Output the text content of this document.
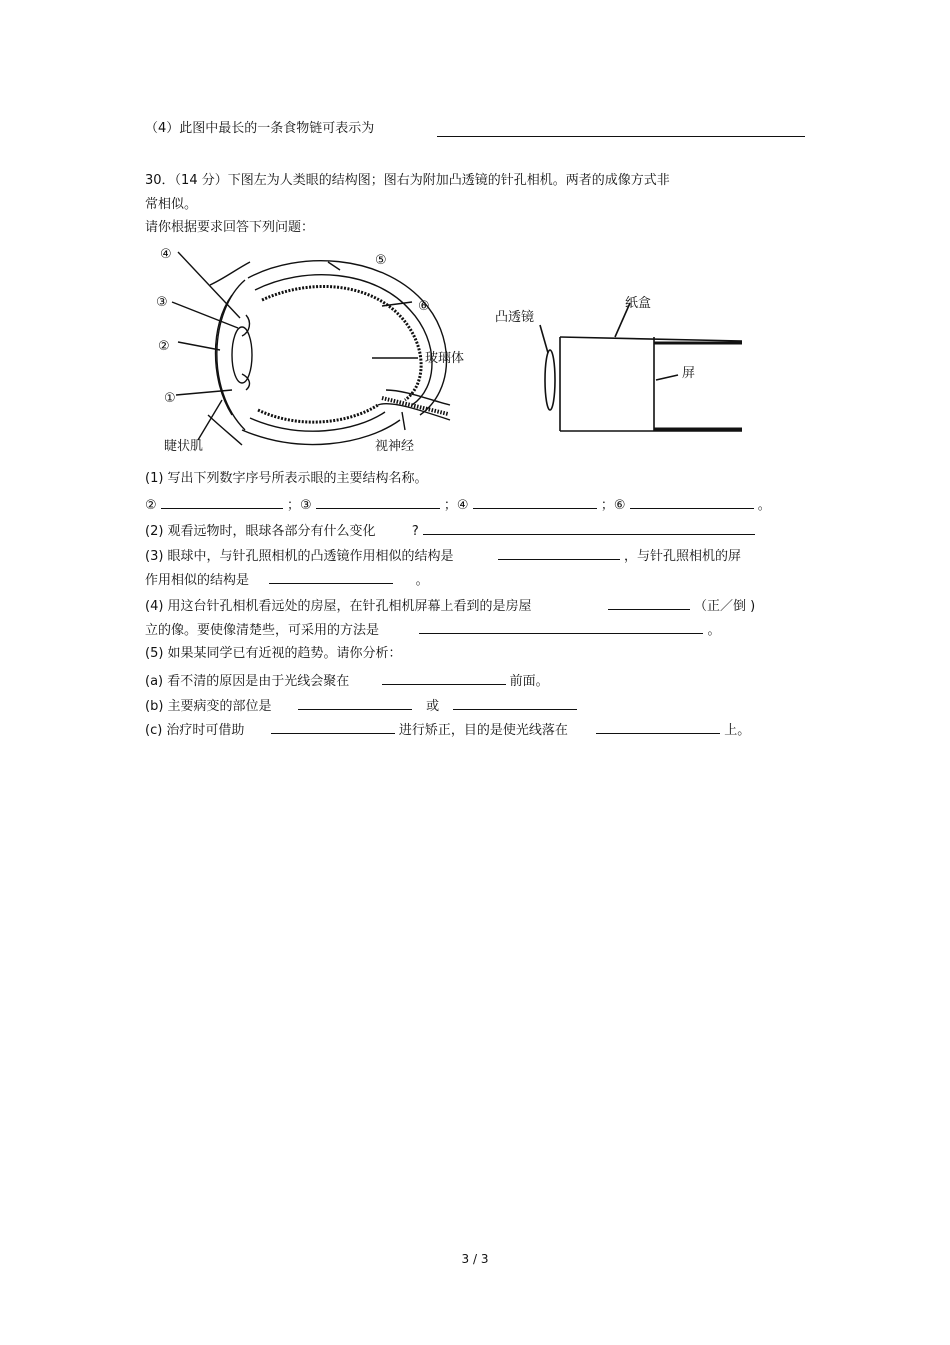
（4）此图中最长的一条食物链可表示为
30．（14 分）下图左为人类眼的结构图；图右为附加凸透镜的针孔相机。两者的成像方式非
常相似。
请你根据要求回答下列问题：
④	⑤
⑥
③
②
①
玻璃体
睫状肌	视神经
凸透镜
纸盒
屏
(1) 写出下列数字序号所表示眼的主要结构名称。
②	；③	；④	；⑥	。
(2) 观看远物时，眼球各部分有什么变化	?
(3) 眼球中，与针孔照相机的凸透镜作用相似的结构是	，与针孔照相机的屏
作用相似的结构是	。
(4) 用这台针孔相机看远处的房屋，在针孔相机屏幕上看到的是房屋	（正／倒 )
立的像。要使像清楚些，可采用的方法是	。
(5) 如果某同学已有近视的趋势。请你分析：
(a) 看不清的原因是由于光线会聚在	前面。
(b) 主要病变的部位是	或
(c) 治疗时可借助	进行矫正，目的是使光线落在	上。
3 / 3
